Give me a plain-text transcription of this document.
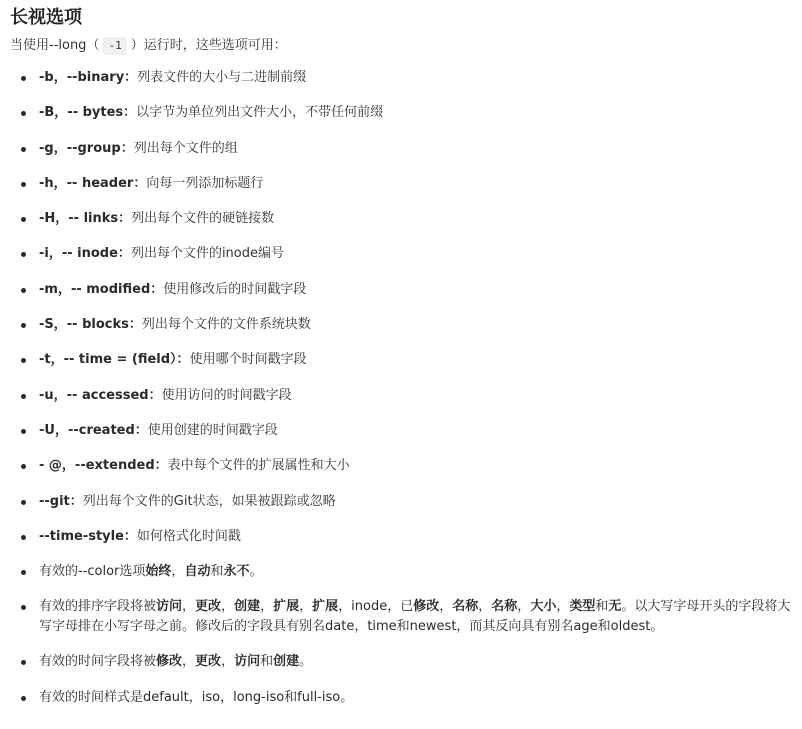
长视选项

当使用--long（ -1 ）运行时，这些选项可用：

-b，--binary：列表文件的大小与二进制前缀
-B，-- bytes：以字节为单位列出文件大小，不带任何前缀
-g，--group：列出每个文件的组
-h，-- header：向每一列添加标题行
-H，-- links：列出每个文件的硬链接数
-i，-- inode：列出每个文件的inode编号
-m，-- modified：使用修改后的时间戳字段
-S，-- blocks：列出每个文件的文件系统块数
-t，-- time = (field）：使用哪个时间戳字段
-u，-- accessed：使用访问的时间戳字段
-U，--created：使用创建的时间戳字段
- @，--extended：表中每个文件的扩展属性和大小
--git：列出每个文件的Git状态，如果被跟踪或忽略
--time-style：如何格式化时间戳
有效的--color选项始终，自动和永不。
有效的排序字段将被访问，更改，创建，扩展，扩展，inode，已修改，名称，名称，大小，类型和无。以大写字母开头的字段将大写字母排在小写字母之前。修改后的字段具有别名date，time和newest，而其反向具有别名age和oldest。
有效的时间字段将被修改，更改，访问和创建。
有效的时间样式是default，iso，long-iso和full-iso。
